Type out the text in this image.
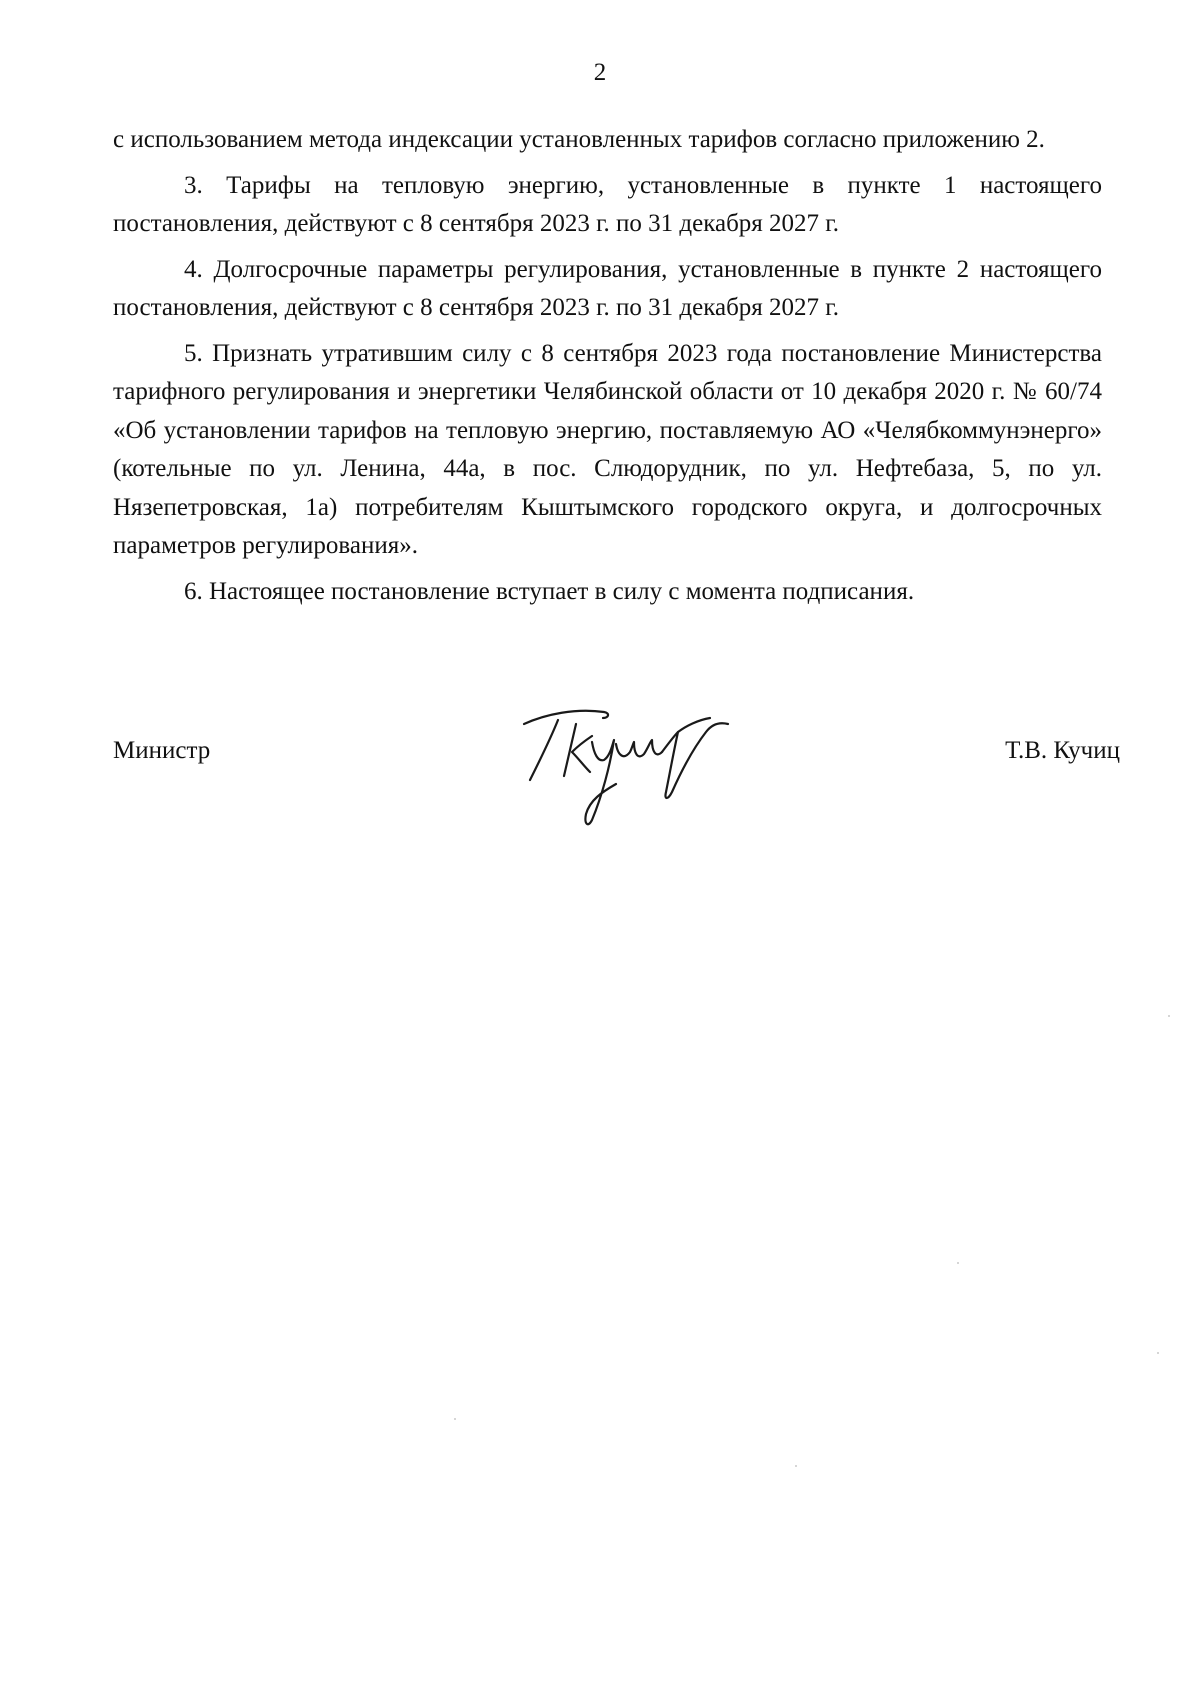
2

с использованием метода индексации установленных тарифов согласно приложению 2.

3. Тарифы на тепловую энергию, установленные в пункте 1 настоящего постановления, действуют с 8 сентября 2023 г. по 31 декабря 2027 г.

4. Долгосрочные параметры регулирования, установленные в пункте 2 настоящего постановления, действуют с 8 сентября 2023 г. по 31 декабря 2027 г.

5. Признать утратившим силу с 8 сентября 2023 года постановление Министерства тарифного регулирования и энергетики Челябинской области от 10 декабря 2020 г. № 60/74 «Об установлении тарифов на тепловую энергию, поставляемую АО «Челябкоммунэнерго» (котельные по ул. Ленина, 44а, в пос. Слюдорудник, по ул. Нефтебаза, 5, по ул. Нязепетровская, 1а) потребителям Кыштымского городского округа, и долгосрочных параметров регулирования».

6. Настоящее постановление вступает в силу с момента подписания.

Министр	Т.В. Кучиц
